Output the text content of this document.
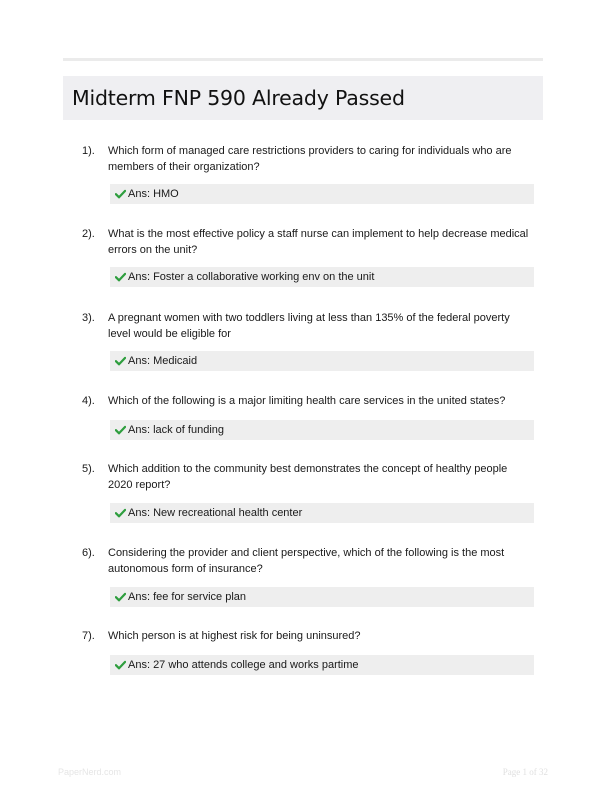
Midterm FNP 590 Already Passed
1). Which form of managed care restrictions providers to caring for individuals who are members of their organization?
Ans: HMO
2). What is the most effective policy a staff nurse can implement to help decrease medical errors on the unit?
Ans: Foster a collaborative working env on the unit
3). A pregnant women with two toddlers living at less than 135% of the federal poverty level would be eligible for
Ans: Medicaid
4). Which of the following is a major limiting health care services in the united states?
Ans: lack of funding
5). Which addition to the community best demonstrates the concept of healthy people 2020 report?
Ans: New recreational health center
6). Considering the provider and client perspective, which of the following is the most autonomous form of insurance?
Ans: fee for service plan
7). Which person is at highest risk for being uninsured?
Ans: 27 who attends college and works partime
PaperNerd.com	Page 1 of 32
